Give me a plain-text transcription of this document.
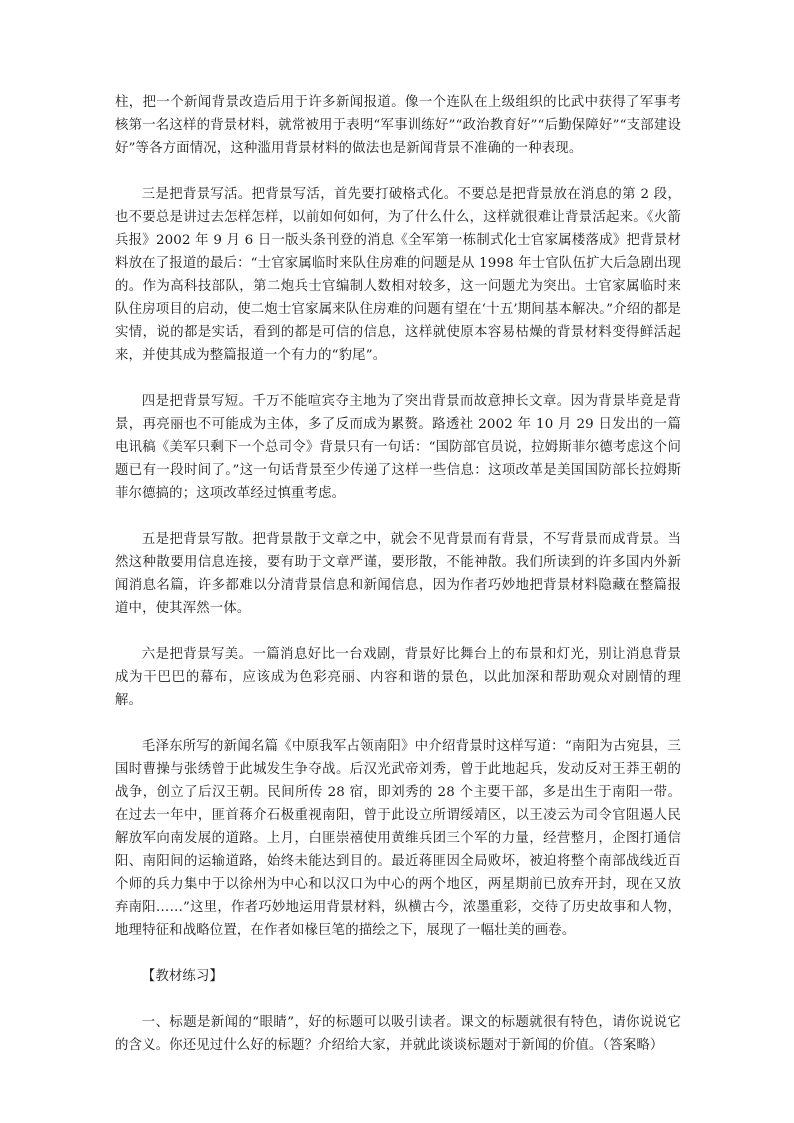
柱，把一个新闻背景改造后用于许多新闻报道。像一个连队在上级组织的比武中获得了军事考核第一名这样的背景材料，就常被用于表明“军事训练好”“政治教育好”“后勤保障好”“支部建设好”等各方面情况，这种滥用背景材料的做法也是新闻背景不准确的一种表现。

三是把背景写活。把背景写活，首先要打破格式化。不要总是把背景放在消息的第 2 段，也不要总是讲过去怎样怎样，以前如何如何，为了什么什么，这样就很难让背景活起来。《火箭兵报》2002 年 9 月 6 日一版头条刊登的消息《全军第一栋制式化士官家属楼落成》把背景材料放在了报道的最后：“士官家属临时来队住房难的问题是从 1998 年士官队伍扩大后急剧出现的。作为高科技部队，第二炮兵士官编制人数相对较多，这一问题尤为突出。士官家属临时来队住房项目的启动，使二炮士官家属来队住房难的问题有望在‘十五’期间基本解决。”介绍的都是实情，说的都是实话，看到的都是可信的信息，这样就使原本容易枯燥的背景材料变得鲜活起来，并使其成为整篇报道一个有力的“豹尾”。

四是把背景写短。千万不能喧宾夺主地为了突出背景而故意抻长文章。因为背景毕竟是背景，再亮丽也不可能成为主体，多了反而成为累赘。路透社 2002 年 10 月 29 日发出的一篇电讯稿《美军只剩下一个总司令》背景只有一句话：“国防部官员说，拉姆斯菲尔德考虑这个问题已有一段时间了。”这一句话背景至少传递了这样一些信息：这项改革是美国国防部长拉姆斯菲尔德搞的；这项改革经过慎重考虑。

五是把背景写散。把背景散于文章之中，就会不见背景而有背景，不写背景而成背景。当然这种散要用信息连接，要有助于文章严谨，要形散，不能神散。我们所读到的许多国内外新闻消息名篇，许多都难以分清背景信息和新闻信息，因为作者巧妙地把背景材料隐藏在整篇报道中，使其浑然一体。

六是把背景写美。一篇消息好比一台戏剧，背景好比舞台上的布景和灯光，别让消息背景成为干巴巴的幕布，应该成为色彩亮丽、内容和谐的景色，以此加深和帮助观众对剧情的理解。

毛泽东所写的新闻名篇《中原我军占领南阳》中介绍背景时这样写道：“南阳为古宛县，三国时曹操与张绣曾于此城发生争夺战。后汉光武帝刘秀，曾于此地起兵，发动反对王莽王朝的战争，创立了后汉王朝。民间所传 28 宿，即刘秀的 28 个主要干部，多是出生于南阳一带。在过去一年中，匪首蒋介石极重视南阳，曾于此设立所谓绥靖区，以王凌云为司令官阻遏人民解放军向南发展的道路。上月，白匪崇禧使用黄维兵团三个军的力量，经营整月，企图打通信阳、南阳间的运输道路，始终未能达到目的。最近蒋匪因全局败坏，被迫将整个南部战线近百个师的兵力集中于以徐州为中心和以汉口为中心的两个地区，两星期前已放弃开封，现在又放弃南阳……”这里，作者巧妙地运用背景材料，纵横古今，浓墨重彩，交待了历史故事和人物，地理特征和战略位置，在作者如椽巨笔的描绘之下，展现了一幅壮美的画卷。

【教材练习】

一、标题是新闻的“眼睛”，好的标题可以吸引读者。课文的标题就很有特色，请你说说它的含义。你还见过什么好的标题？介绍给大家，并就此谈谈标题对于新闻的价值。（答案略）
